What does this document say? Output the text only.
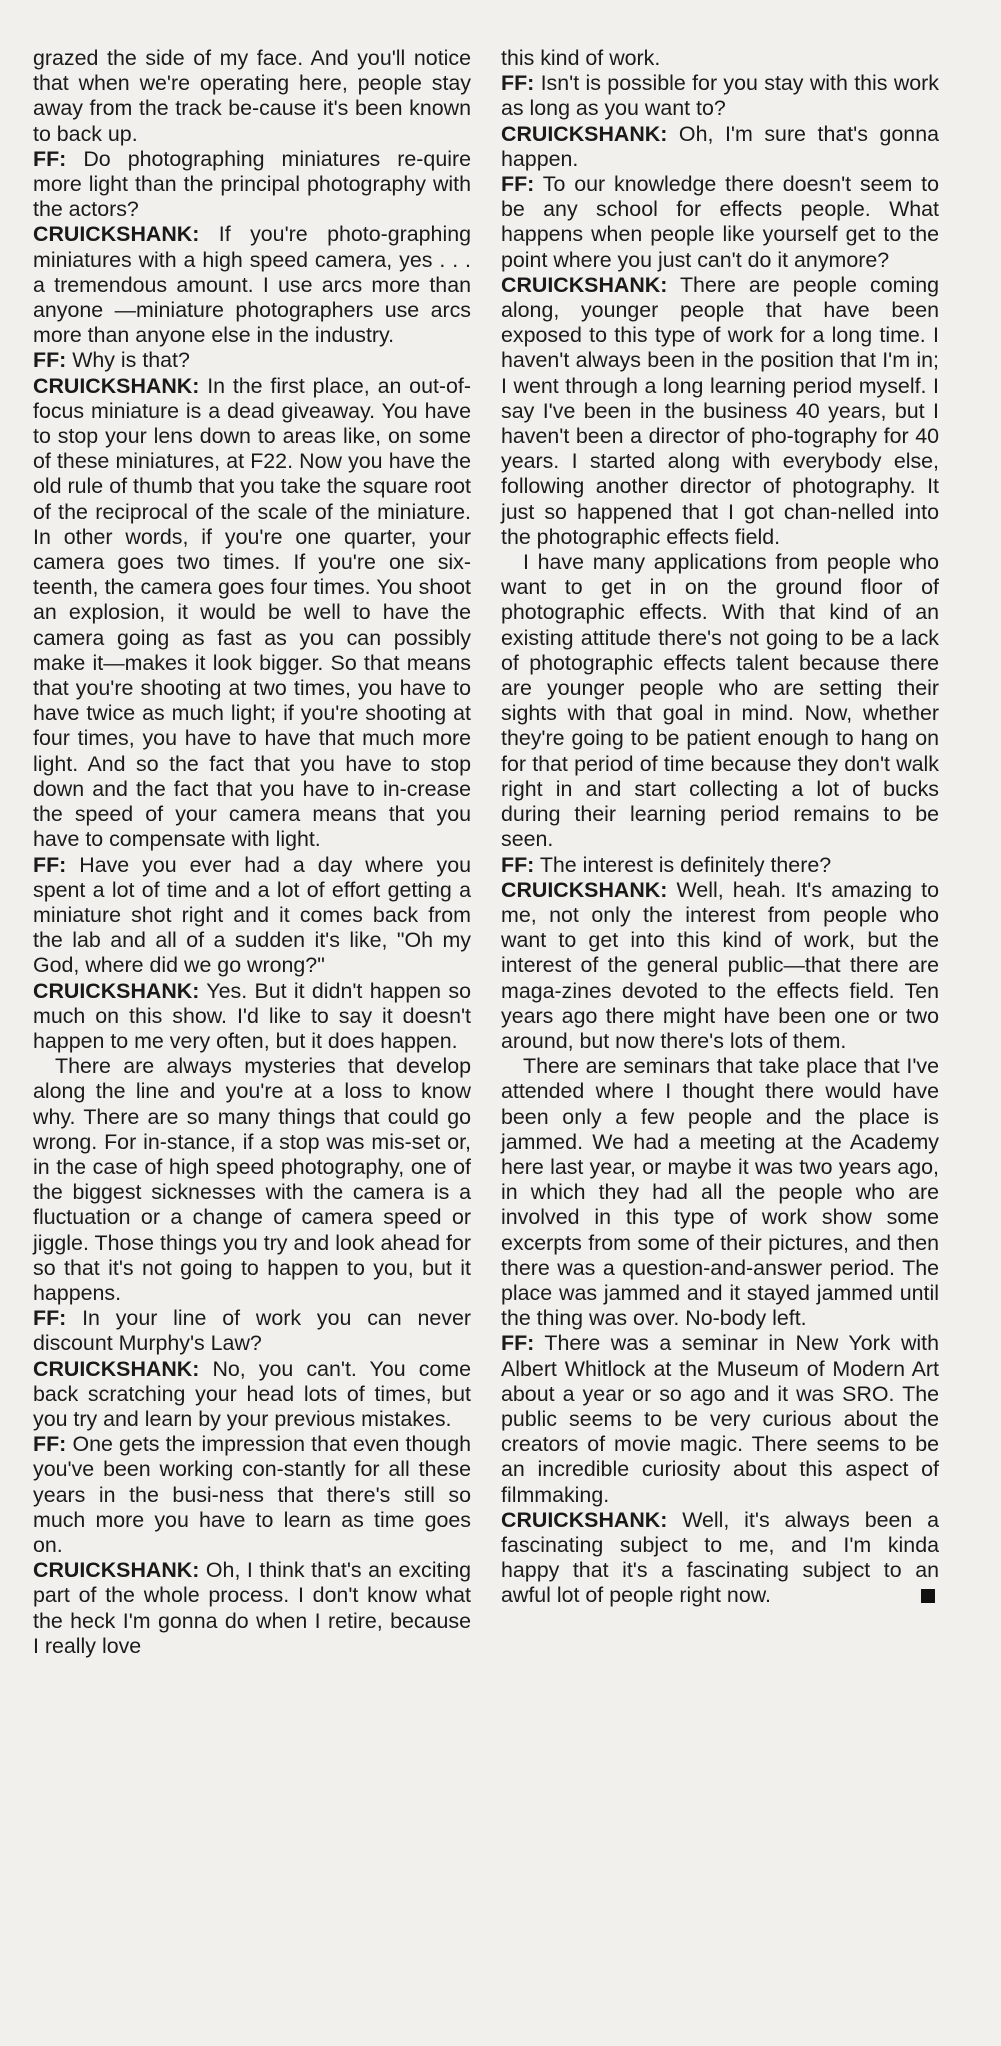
grazed the side of my face. And you'll notice that when we're operating here, people stay away from the track be-cause it's been known to back up.

FF: Do photographing miniatures re-quire more light than the principal photography with the actors?

CRUICKSHANK: If you're photo-graphing miniatures with a high speed camera, yes . . . a tremendous amount. I use arcs more than anyone —miniature photographers use arcs more than anyone else in the industry.

FF: Why is that?

CRUICKSHANK: In the first place, an out-of-focus miniature is a dead giveaway. You have to stop your lens down to areas like, on some of these miniatures, at F22. Now you have the old rule of thumb that you take the square root of the reciprocal of the scale of the miniature. In other words, if you're one quarter, your camera goes two times. If you're one six-teenth, the camera goes four times. You shoot an explosion, it would be well to have the camera going as fast as you can possibly make it—makes it look bigger. So that means that you're shooting at two times, you have to have twice as much light; if you're shooting at four times, you have to have that much more light. And so the fact that you have to stop down and the fact that you have to in-crease the speed of your camera means that you have to compensate with light.

FF: Have you ever had a day where you spent a lot of time and a lot of effort getting a miniature shot right and it comes back from the lab and all of a sudden it's like, "Oh my God, where did we go wrong?"

CRUICKSHANK: Yes. But it didn't happen so much on this show. I'd like to say it doesn't happen to me very often, but it does happen.

There are always mysteries that develop along the line and you're at a loss to know why. There are so many things that could go wrong. For in-stance, if a stop was mis-set or, in the case of high speed photography, one of the biggest sicknesses with the camera is a fluctuation or a change of camera speed or jiggle. Those things you try and look ahead for so that it's not going to happen to you, but it happens.

FF: In your line of work you can never discount Murphy's Law?

CRUICKSHANK: No, you can't. You come back scratching your head lots of times, but you try and learn by your previous mistakes.

FF: One gets the impression that even though you've been working con-stantly for all these years in the busi-ness that there's still so much more you have to learn as time goes on.

CRUICKSHANK: Oh, I think that's an exciting part of the whole process. I don't know what the heck I'm gonna do when I retire, because I really love

this kind of work.

FF: Isn't is possible for you stay with this work as long as you want to?

CRUICKSHANK: Oh, I'm sure that's gonna happen.

FF: To our knowledge there doesn't seem to be any school for effects people. What happens when people like yourself get to the point where you just can't do it anymore?

CRUICKSHANK: There are people coming along, younger people that have been exposed to this type of work for a long time. I haven't always been in the position that I'm in; I went through a long learning period myself. I say I've been in the business 40 years, but I haven't been a director of pho-tography for 40 years. I started along with everybody else, following another director of photography. It just so happened that I got chan-nelled into the photographic effects field.

I have many applications from people who want to get in on the ground floor of photographic effects. With that kind of an existing attitude there's not going to be a lack of photographic effects talent because there are younger people who are setting their sights with that goal in mind. Now, whether they're going to be patient enough to hang on for that period of time because they don't walk right in and start collecting a lot of bucks during their learning period remains to be seen.

FF: The interest is definitely there?

CRUICKSHANK: Well, heah. It's amazing to me, not only the interest from people who want to get into this kind of work, but the interest of the general public—that there are maga-zines devoted to the effects field. Ten years ago there might have been one or two around, but now there's lots of them.

There are seminars that take place that I've attended where I thought there would have been only a few people and the place is jammed. We had a meeting at the Academy here last year, or maybe it was two years ago, in which they had all the people who are involved in this type of work show some excerpts from some of their pictures, and then there was a question-and-answer period. The place was jammed and it stayed jammed until the thing was over. No-body left.

FF: There was a seminar in New York with Albert Whitlock at the Museum of Modern Art about a year or so ago and it was SRO. The public seems to be very curious about the creators of movie magic. There seems to be an incredible curiosity about this aspect of filmmaking.

CRUICKSHANK: Well, it's always been a fascinating subject to me, and I'm kinda happy that it's a fascinating subject to an awful lot of people right now.
